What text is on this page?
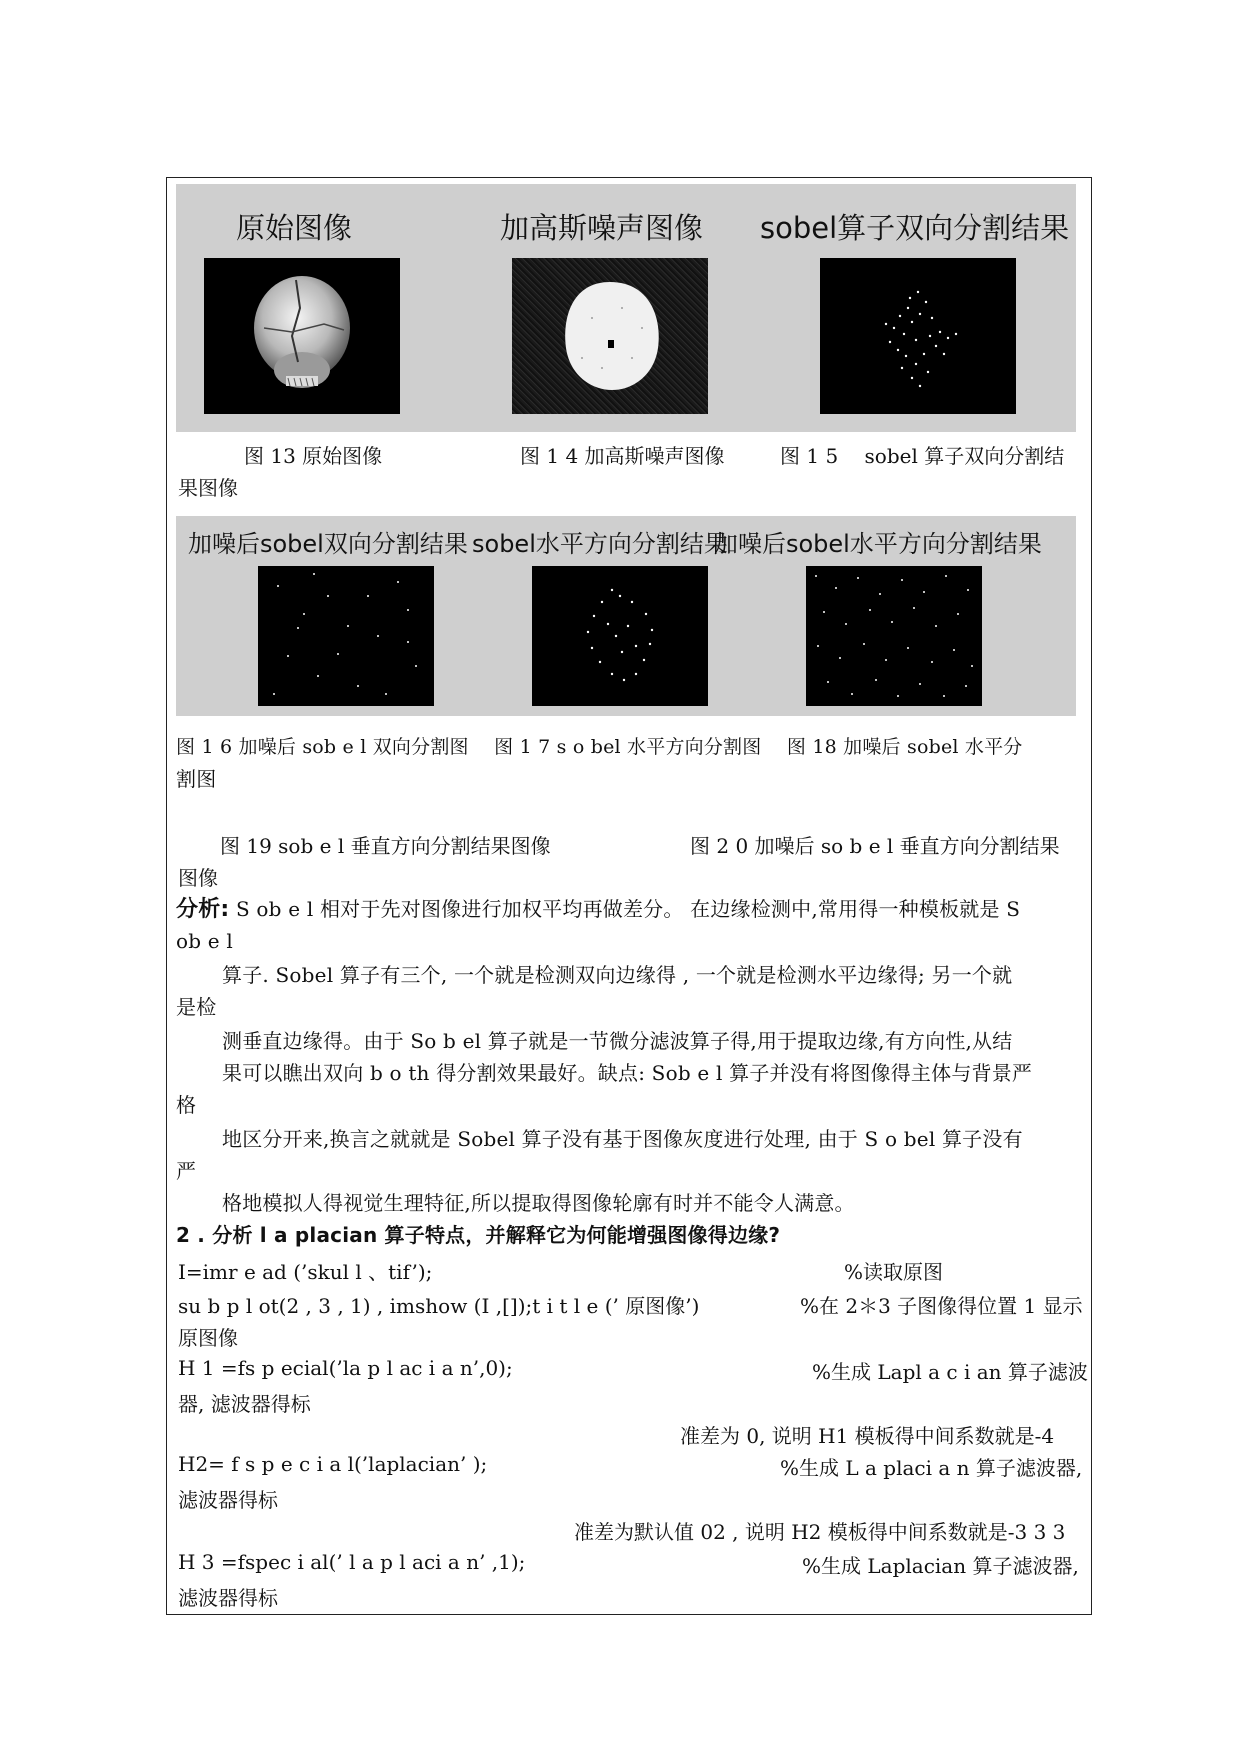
原始图像	加高斯噪声图像 sobel算子双向分割结果
图 13 原始图像	图 1 4 加高斯噪声图像	图 1 5　 sobel 算子双向分割结
果图像
加噪后sobel双向分割结果 sobel水平方向分割结果
加噪后sobel水平方向分割结果
图 1 6 加噪后 sob e l 双向分割图　 图 1 7 s o bel 水平方向分割图　 图 18 加噪后 sobel 水平分
割图
图 19 sob e l 垂直方向分割结果图像	图 2 0 加噪后 so b e l 垂直方向分割结果
图像
分析: S ob e l 相对于先对图像进行加权平均再做差分。 在边缘检测中,常用得一种模板就是 S
ob e l
算子. Sobel 算子有三个, 一个就是检测双向边缘得 , 一个就是检测水平边缘得; 另一个就
是检
测垂直边缘得。由于 So b el 算子就是一节微分滤波算子得,用于提取边缘,有方向性,从结
果可以瞧出双向 b o th 得分割效果最好。缺点: Sob e l 算子并没有将图像得主体与背景严
格
地区分开来,换言之就就是 Sobel 算子没有基于图像灰度进行处理, 由于 S o bel 算子没有
严
格地模拟人得视觉生理特征,所以提取得图像轮廓有时并不能令人满意。
2 . 分析 l a placian 算子特点，并解释它为何能增强图像得边缘?
I=imr e ad (’skul l 、tif’);	%读取原图
su b p l ot(2 , 3 , 1) , imshow (I ,[]);t i t l e (’ 原图像’)	%在 2＊3 子图像得位置 1 显示
原图像
H 1 =fs p ecial(’la p l ac i a n’,0);	%生成 Lapl a c i an 算子滤波
器, 滤波器得标
准差为 0, 说明 H1 模板得中间系数就是-4
H2= f s p e c i a l(’laplacian’ );	%生成 L a placi a n 算子滤波器,
滤波器得标
准差为默认值 02 , 说明 H2 模板得中间系数就是-3 3 3
H 3 =fspec i al(’ l a p l aci a n’ ,1);	%生成 Laplacian 算子滤波器,
滤波器得标
